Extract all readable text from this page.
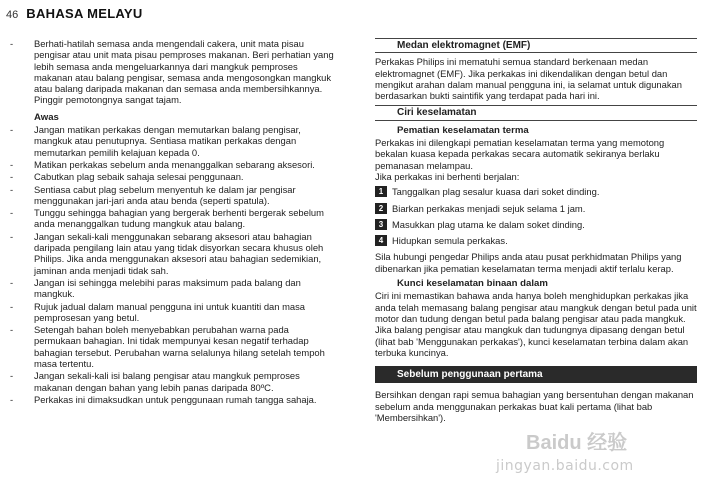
46 BAHASA MELAYU
- Berhati-hatilah semasa anda mengendali cakera, unit mata pisau pengisar atau unit mata pisau pemproses makanan. Beri perhatian yang lebih semasa anda mengeluarkannya dari mangkuk pemproses makanan atau balang pengisar, semasa anda mengosongkan mangkuk atau balang daripada makanan dan semasa anda membersihkannya. Pinggir pemotongnya sangat tajam.
Awas
- Jangan matikan perkakas dengan memutarkan balang pengisar, mangkuk atau penutupnya. Sentiasa matikan perkakas dengan memutarkan pemilih kelajuan kepada 0.
- Matikan perkakas sebelum anda menanggalkan sebarang aksesori.
- Cabutkan plag sebaik sahaja selesai penggunaan.
- Sentiasa cabut plag sebelum menyentuh ke dalam jar pengisar menggunakan jari-jari anda atau benda (seperti spatula).
- Tunggu sehingga bahagian yang bergerak berhenti bergerak sebelum anda menanggalkan tudung mangkuk atau balang.
- Jangan sekali-kali menggunakan sebarang aksesori atau bahagian daripada pengilang lain atau yang tidak disyorkan secara khusus oleh Philips. Jika anda menggunakan aksesori atau bahagian sedemikian, jaminan anda menjadi tidak sah.
- Jangan isi sehingga melebihi paras maksimum pada balang dan mangkuk.
- Rujuk jadual dalam manual pengguna ini untuk kuantiti dan masa pemprosesan yang betul.
- Setengah bahan boleh menyebabkan perubahan warna pada permukaan bahagian. Ini tidak mempunyai kesan negatif terhadap bahagian tersebut. Perubahan warna selalunya hilang setelah tempoh masa tertentu.
- Jangan sekali-kali isi balang pengisar atau mangkuk pemproses makanan dengan bahan yang lebih panas daripada 80ºC.
- Perkakas ini dimaksudkan untuk penggunaan rumah tangga sahaja.
Medan elektromagnet (EMF)

Perkakas Philips ini mematuhi semua standard berkenaan medan elektromagnet (EMF). Jika perkakas ini dikendalikan dengan betul dan mengikut arahan dalam manual pengguna ini, ia selamat untuk digunakan berdasarkan bukti saintifik yang terdapat pada hari ini.

Ciri keselamatan
Pematian keselamatan terma

Perkakas ini dilengkapi pematian keselamatan terma yang memotong bekalan kuasa kepada perkakas secara automatik sekiranya berlaku pemanasan melampau.

Jika perkakas ini berhenti berjalan:

1 Tanggalkan plag sesalur kuasa dari soket dinding.
2 Biarkan perkakas menjadi sejuk selama 1 jam.
3 Masukkan plag utama ke dalam soket dinding.
4 Hidupkan semula perkakas.

Sila hubungi pengedar Philips anda atau pusat perkhidmatan Philips yang dibenarkan jika pematian keselamatan terma menjadi aktif terlalu kerap.

Kunci keselamatan binaan dalam

Ciri ini memastikan bahawa anda hanya boleh menghidupkan perkakas jika anda telah memasang balang pengisar atau mangkuk dengan betul pada unit motor dan tudung dengan betul pada balang pengisar atau pada mangkuk. Jika balang pengisar atau mangkuk dan tudungnya dipasang dengan betul (lihat bab 'Menggunakan perkakas'), kunci keselamatan terbina dalam akan terbuka kuncinya.

Sebelum penggunaan pertama

Bersihkan dengan rapi semua bahagian yang bersentuhan dengan makanan sebelum anda menggunakan perkakas buat kali pertama (lihat bab 'Membersihkan').

Baidu 经验
jingyan.baidu.com
